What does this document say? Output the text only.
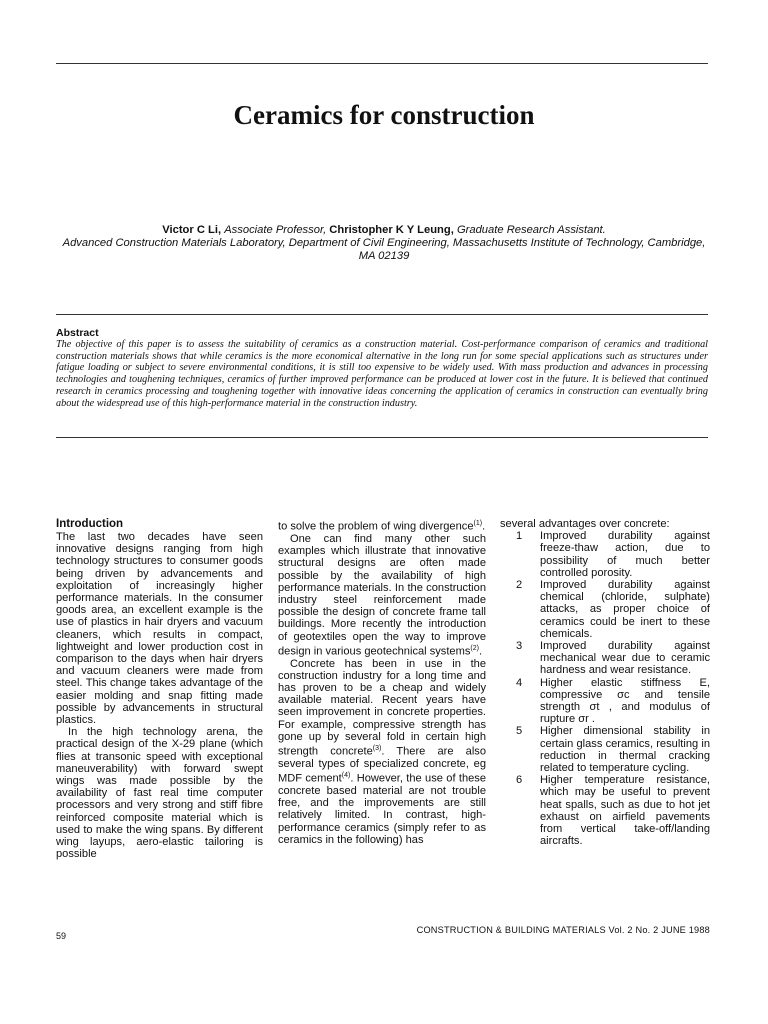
Ceramics for construction
Victor C Li, Associate Professor, Christopher K Y Leung, Graduate Research Assistant.
Advanced Construction Materials Laboratory, Department of Civil Engineering, Massachusetts Institute of Technology, Cambridge, MA 02139
Abstract

The objective of this paper is to assess the suitability of ceramics as a construction material. Cost-performance comparison of ceramics and traditional construction materials shows that while ceramics is the more economical alternative in the long run for some special applications such as structures under fatigue loading or subject to severe environmental conditions, it is still too expensive to be widely used. With mass production and advances in processing technologies and toughening techniques, ceramics of further improved performance can be produced at lower cost in the future. It is believed that continued research in ceramics processing and toughening together with innovative ideas concerning the application of ceramics in construction can eventually bring about the widespread use of this high-performance material in the construction industry.

Introduction

The last two decades have seen innovative designs ranging from high technology structures to consumer goods being driven by advancements and exploitation of increasingly higher performance materials. In the consumer goods area, an excellent example is the use of plastics in hair dryers and vacuum cleaners, which results in compact, lightweight and lower production cost in comparison to the days when hair dryers and vacuum cleaners were made from steel. This change takes advantage of the easier molding and snap fitting made possible by advancements in structural plastics.

In the high technology arena, the practical design of the X-29 plane (which flies at transonic speed with exceptional maneuverability) with forward swept wings was made possible by the availability of fast real time computer processors and very strong and stiff fibre reinforced composite material which is used to make the wing spans. By different wing layups, aero-elastic tailoring is possible

to solve the problem of wing divergence$^{(1)}$.

One can find many other such examples which illustrate that innovative structural designs are often made possible by the availability of high performance materials. In the construction industry steel reinforcement made possible the design of concrete frame tall buildings. More recently the introduction of geotextiles open the way to improve design in various geotechnical systems$^{(2)}$.

Concrete has been in use in the construction industry for a long time and has proven to be a cheap and widely available material. Recent years have seen improvement in concrete properties. For example, compressive strength has gone up by several fold in certain high strength concrete$^{(3)}$. There are also several types of specialized concrete, eg MDF cement$^{(4)}$. However, the use of these concrete based material are not trouble free, and the improvements are still relatively limited. In contrast, high-performance ceramics (simply refer to as ceramics in the following) has

several advantages over concrete:

1	Improved durability against freeze-thaw action, due to possibility of much better controlled porosity.
2	Improved durability against chemical (chloride, sulphate) attacks, as proper choice of ceramics could be inert to these chemicals.
3	Improved durability against mechanical wear due to ceramic hardness and wear resistance.
4	Higher elastic stiffness E, compressive σc and tensile strength σt , and modulus of rupture σr .
5	Higher dimensional stability in certain glass ceramics, resulting in reduction in thermal cracking related to temperature cycling.
6	Higher temperature resistance, which may be useful to prevent heat spalls, such as due to hot jet exhaust on airfield pavements from vertical take-off/landing aircrafts.
59
CONSTRUCTION & BUILDING MATERIALS Vol. 2 No. 2 JUNE 1988
